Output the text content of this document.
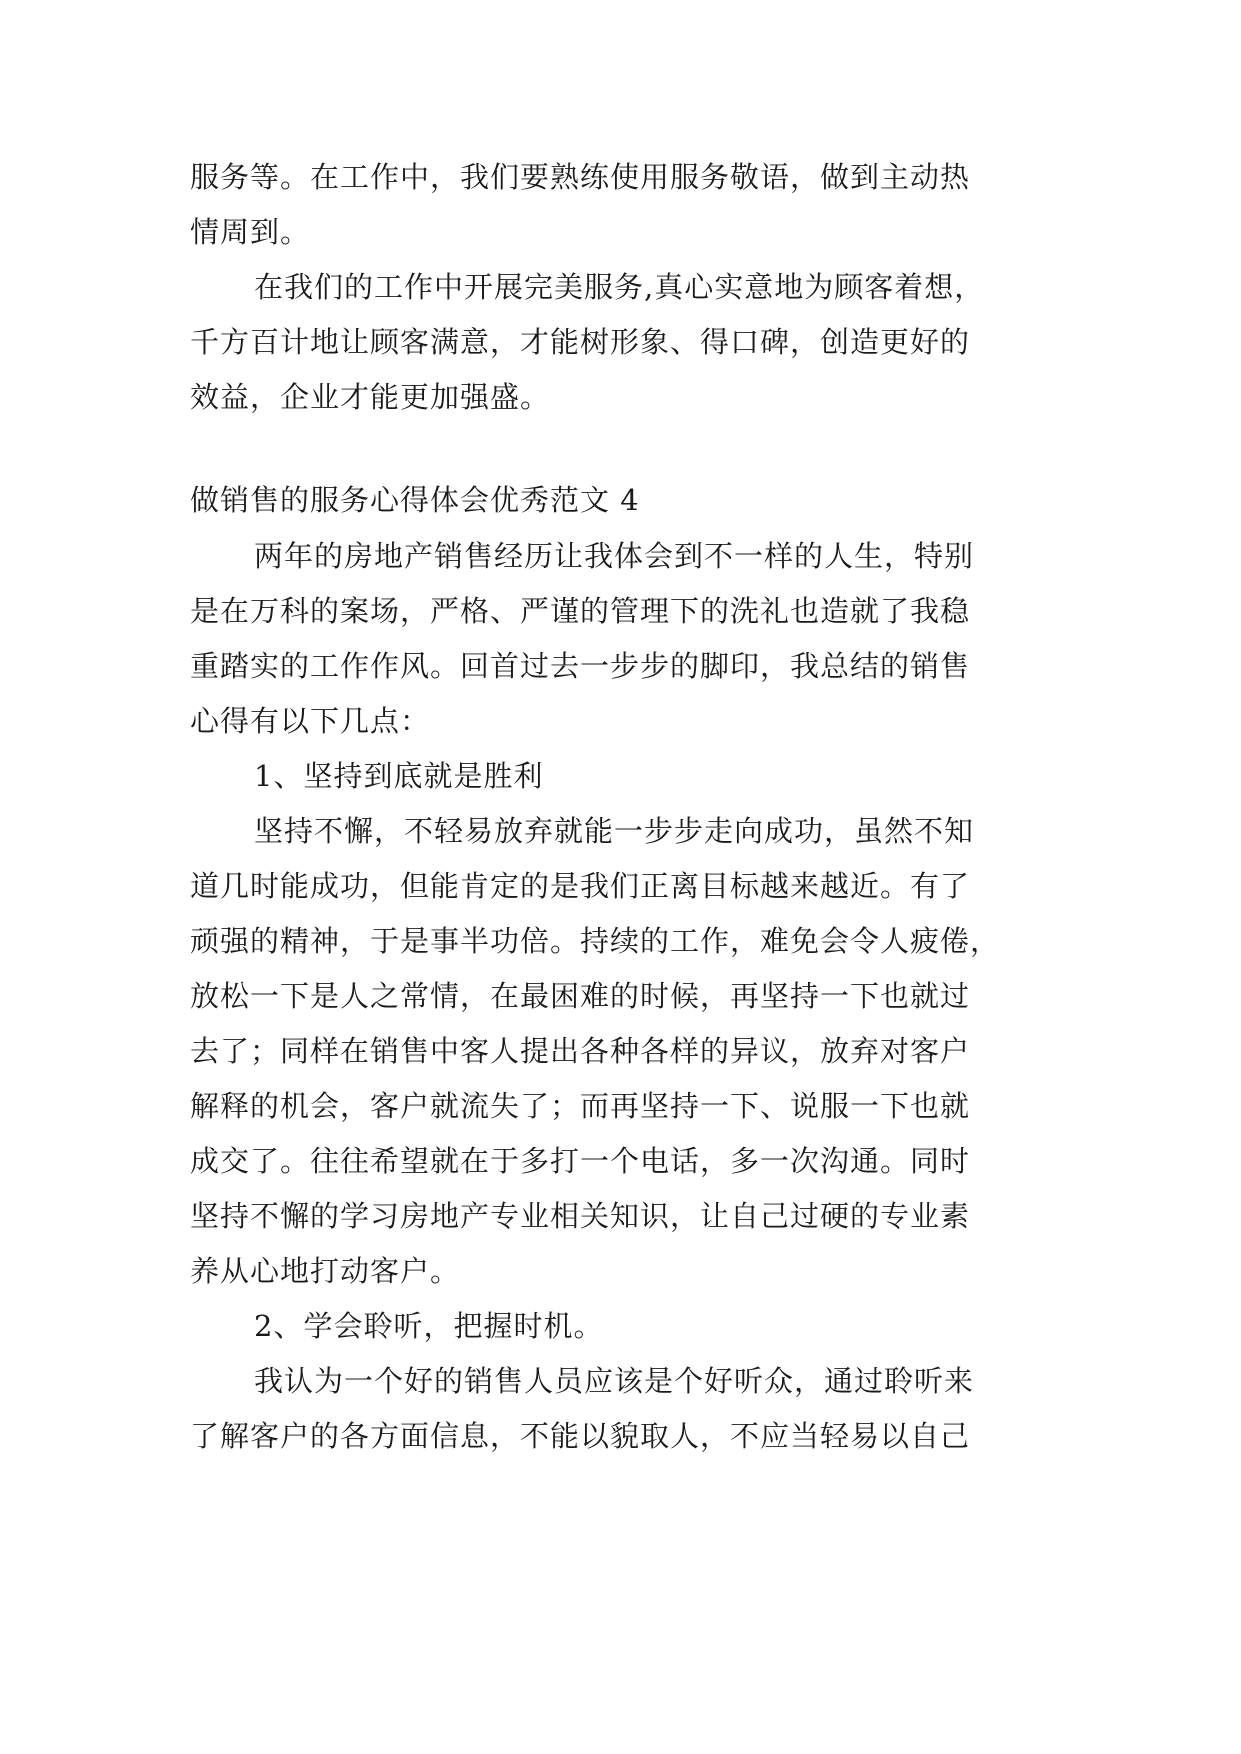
服务等。在工作中，我们要熟练使用服务敬语，做到主动热
情周到。
在我们的工作中开展完美服务,真心实意地为顾客着想，
千方百计地让顾客满意，才能树形象、得口碑，创造更好的
效益，企业才能更加强盛。
做销售的服务心得体会优秀范文 4
两年的房地产销售经历让我体会到不一样的人生，特别
是在万科的案场，严格、严谨的管理下的洗礼也造就了我稳
重踏实的工作作风。回首过去一步步的脚印，我总结的销售
心得有以下几点：
1、坚持到底就是胜利
坚持不懈，不轻易放弃就能一步步走向成功，虽然不知
道几时能成功，但能肯定的是我们正离目标越来越近。有了
顽强的精神，于是事半功倍。持续的工作，难免会令人疲倦，
放松一下是人之常情，在最困难的时候，再坚持一下也就过
去了；同样在销售中客人提出各种各样的异议，放弃对客户
解释的机会，客户就流失了；而再坚持一下、说服一下也就
成交了。往往希望就在于多打一个电话，多一次沟通。同时
坚持不懈的学习房地产专业相关知识，让自己过硬的专业素
养从心地打动客户。
2、学会聆听，把握时机。
我认为一个好的销售人员应该是个好听众，通过聆听来
了解客户的各方面信息，不能以貌取人，不应当轻易以自己
